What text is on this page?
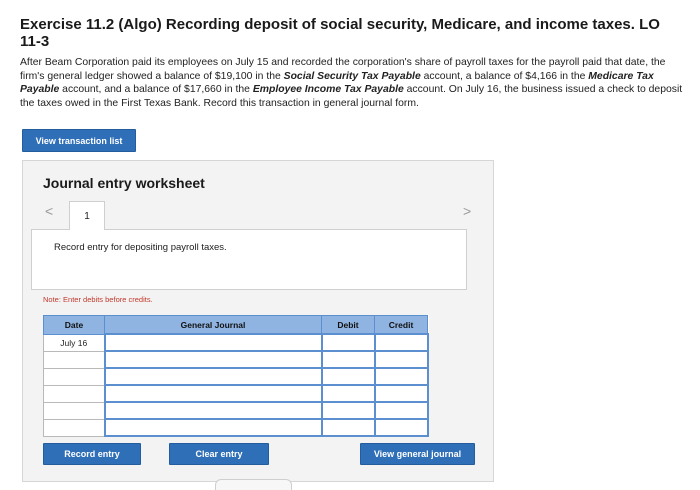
Exercise 11.2 (Algo) Recording deposit of social security, Medicare, and income taxes. LO 11-3
After Beam Corporation paid its employees on July 15 and recorded the corporation's share of payroll taxes for the payroll paid that date, the firm's general ledger showed a balance of $19,100 in the Social Security Tax Payable account, a balance of $4,166 in the Medicare Tax Payable account, and a balance of $17,660 in the Employee Income Tax Payable account. On July 16, the business issued a check to deposit the taxes owed in the First Texas Bank. Record this transaction in general journal form.
View transaction list
Journal entry worksheet
<	1	>
Record entry for depositing payroll taxes.
Note: Enter debits before credits.
Date	General Journal	Debit	Credit
July 16			

Record entry	Clear entry	View general journal
